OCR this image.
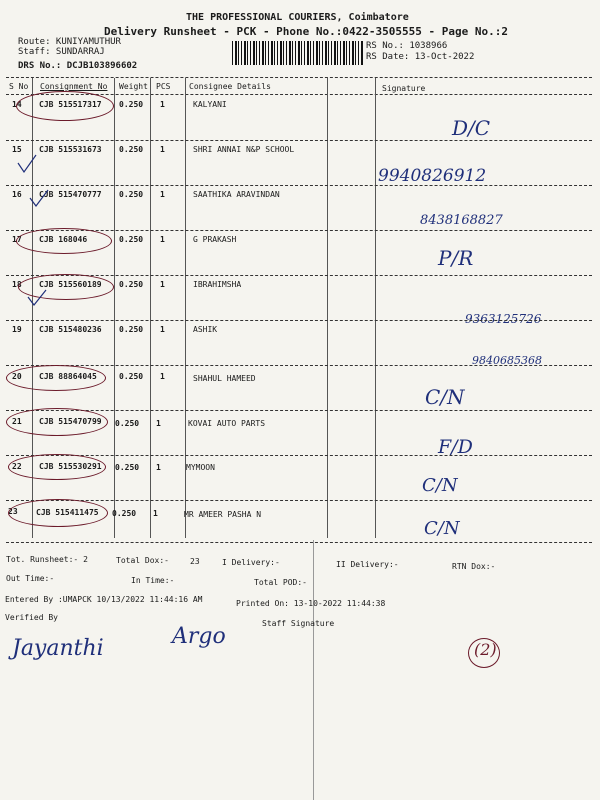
THE PROFESSIONAL COURIERS, Coimbatore
Delivery Runsheet - PCK - Phone No.:0422-3505555 - Page No.:2
Route: KUNIYAMUTHUR
Staff: SUNDARRAJ
DRS No.: DCJB103896602
RS No.: 1038966
RS Date: 13-Oct-2022
S No Consignment No Weight PCS Consignee Details	Signature
14 CJB 515517317 0.250 1	KALYANI
D/C
15 CJB 515531673 0.250 1	SHRI ANNAI N&P SCHOOL
9940826912
16 CJB 515470777 0.250 1	SAATHIKA ARAVINDAN
8438168827
17 CJB 168046	0.250 1	G PRAKASH
P/R
18 CJB 515560189 0.250 1	IBRAHIMSHA
9363125726
19 CJB 515480236 0.250 1	ASHIK
9840685368
20 CJB 88864045	0.250 1	SHAHUL HAMEED
C/N
21 CJB 515470799 0.250 1	KOVAI AUTO PARTS
F/D
22 CJB 515530291 0.250 1	MYMOON
C/N
23 CJB 515411475 0.250 1	MR AMEER PASHA N
C/N
Tot. Runsheet:- 2	Total Dox:-	23	I Delivery:-	II Delivery:-	RTN Dox:-
Out Time:-	In Time:-	Total POD:-
Entered By :UMAPCK 10/13/2022 11:44:16 AM	Printed On: 13-10-2022 11:44:38
Verified By
Staff Signature
Jayanthi	Argo
(2)
